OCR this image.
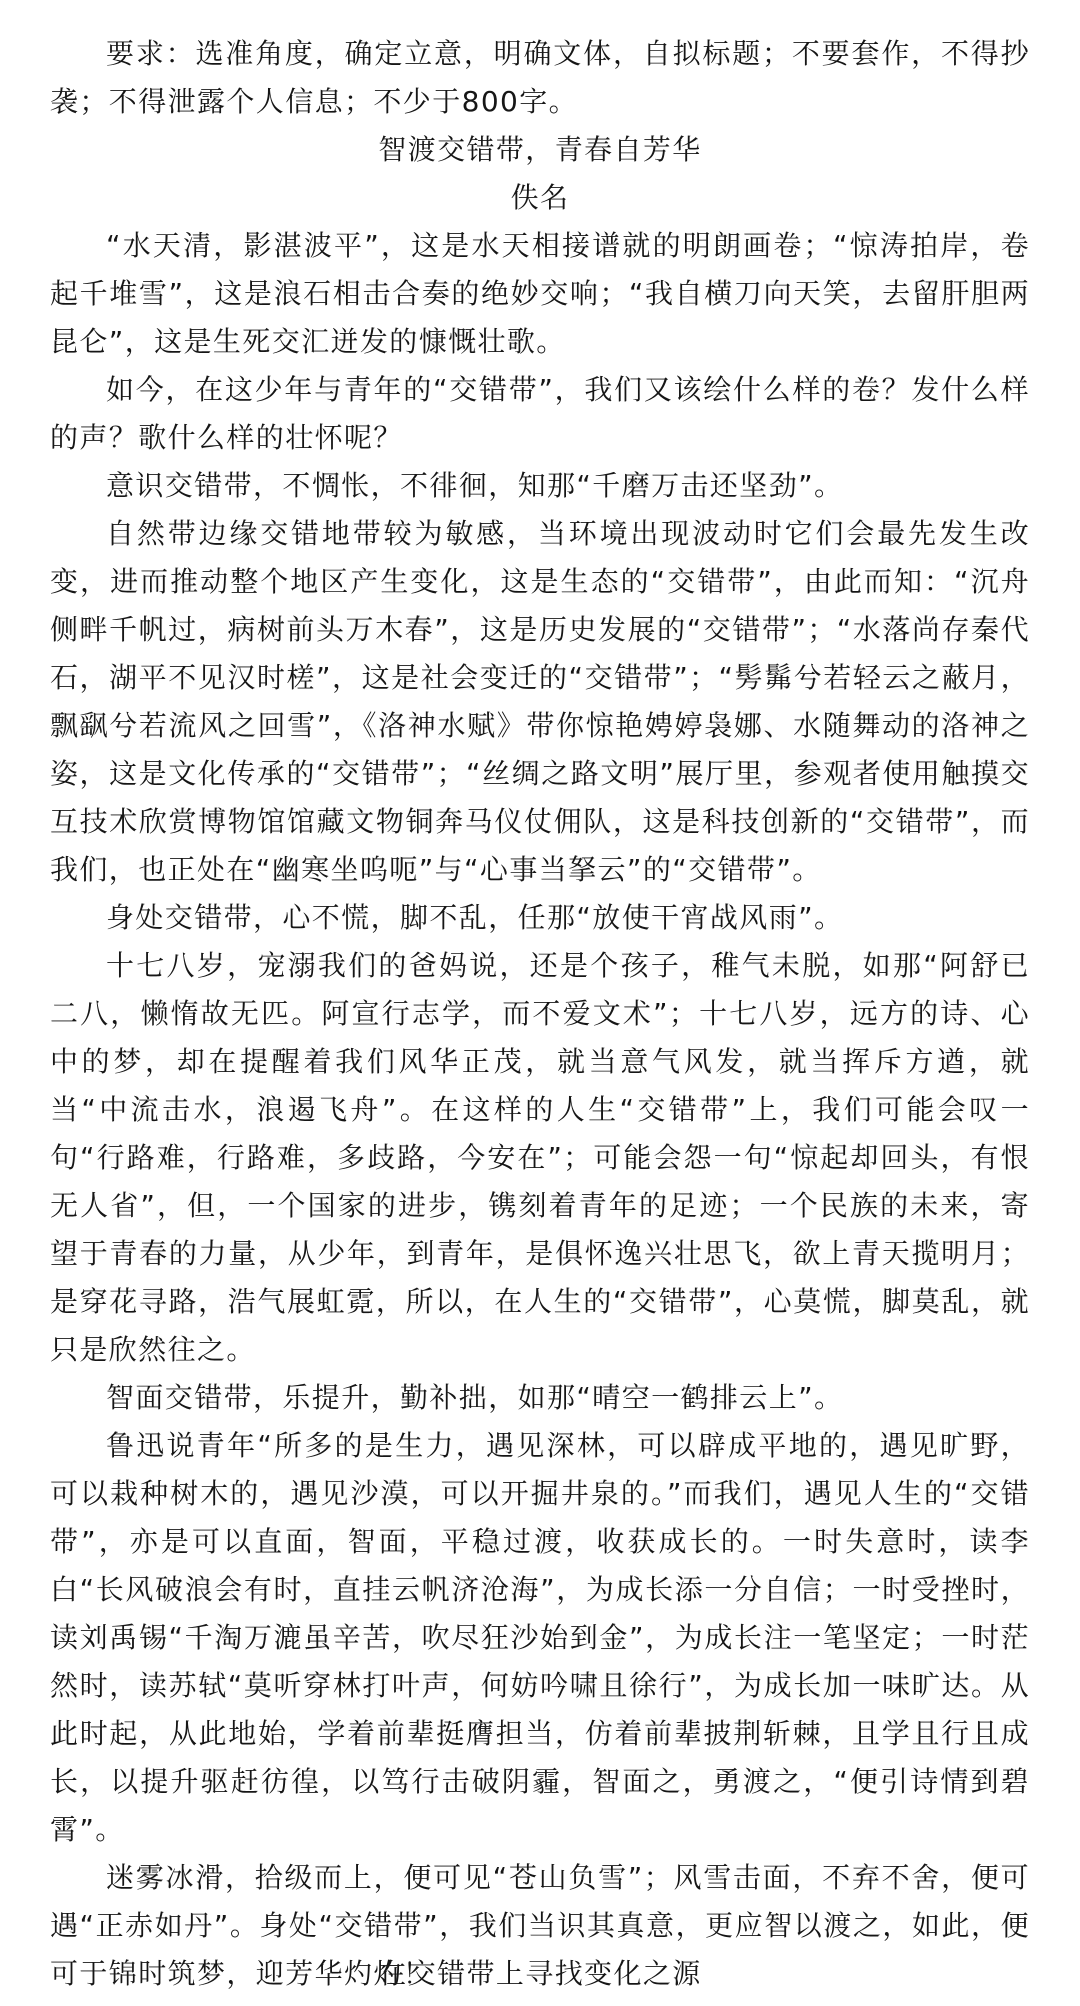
要求：选准角度，确定立意，明确文体，自拟标题；不要套作，不得抄袭；不得泄露个人信息；不少于800字。

智渡交错带，青春自芳华

佚名

“水天清，影湛波平”，这是水天相接谱就的明朗画卷；“惊涛拍岸，卷起千堆雪”，这是浪石相击合奏的绝妙交响；“我自横刀向天笑，去留肝胆两昆仑”，这是生死交汇迸发的慷慨壮歌。

如今，在这少年与青年的“交错带”，我们又该绘什么样的卷？发什么样的声？歌什么样的壮怀呢？

意识交错带，不惆怅，不徘徊，知那“千磨万击还坚劲”。

自然带边缘交错地带较为敏感，当环境出现波动时它们会最先发生改变，进而推动整个地区产生变化，这是生态的“交错带”，由此而知：“沉舟侧畔千帆过，病树前头万木春”，这是历史发展的“交错带”；“水落尚存秦代石，湖平不见汉时槎”，这是社会变迁的“交错带”；“髣髴兮若轻云之蔽月，飘飖兮若流风之回雪”，《洛神水赋》带你惊艳娉婷袅娜、水随舞动的洛神之姿，这是文化传承的“交错带”；“丝绸之路文明”展厅里，参观者使用触摸交互技术欣赏博物馆馆藏文物铜奔马仪仗佣队，这是科技创新的“交错带”，而我们，也正处在“幽寒坐呜呃”与“心事当拏云”的“交错带”。

身处交错带，心不慌，脚不乱，任那“放使干宵战风雨”。

十七八岁，宠溺我们的爸妈说，还是个孩子，稚气未脱，如那“阿舒已二八，懒惰故无匹。阿宣行志学，而不爱文术”；十七八岁，远方的诗、心中的梦，却在提醒着我们风华正茂，就当意气风发，就当挥斥方遒，就当“中流击水，浪遏飞舟”。在这样的人生“交错带”上，我们可能会叹一句“行路难，行路难，多歧路，今安在”；可能会怨一句“惊起却回头，有恨无人省”，但，一个国家的进步，镌刻着青年的足迹；一个民族的未来，寄望于青春的力量，从少年，到青年，是俱怀逸兴壮思飞，欲上青天揽明月；是穿花寻路，浩气展虹霓，所以，在人生的“交错带”，心莫慌，脚莫乱，就只是欣然往之。

智面交错带，乐提升，勤补拙，如那“晴空一鹤排云上”。

鲁迅说青年“所多的是生力，遇见深林，可以辟成平地的，遇见旷野，可以栽种树木的，遇见沙漠，可以开掘井泉的。”而我们，遇见人生的“交错带”，亦是可以直面，智面，平稳过渡，收获成长的。一时失意时，读李白“长风破浪会有时，直挂云帆济沧海”，为成长添一分自信；一时受挫时，读刘禹锡“千淘万漉虽辛苦，吹尽狂沙始到金”，为成长注一笔坚定；一时茫然时，读苏轼“莫听穿林打叶声，何妨吟啸且徐行”，为成长加一味旷达。从此时起，从此地始，学着前辈挺膺担当，仿着前辈披荆斩棘，且学且行且成长，以提升驱赶彷徨，以笃行击破阴霾，智面之，勇渡之，“便引诗情到碧霄”。

迷雾冰滑，拾级而上，便可见“苍山负雪”；风雪击面，不弃不舍，便可遇“正赤如丹”。身处“交错带”，我们当识其真意，更应智以渡之，如此，便可于锦时筑梦，迎芳华灼灼！

在交错带上寻找变化之源
